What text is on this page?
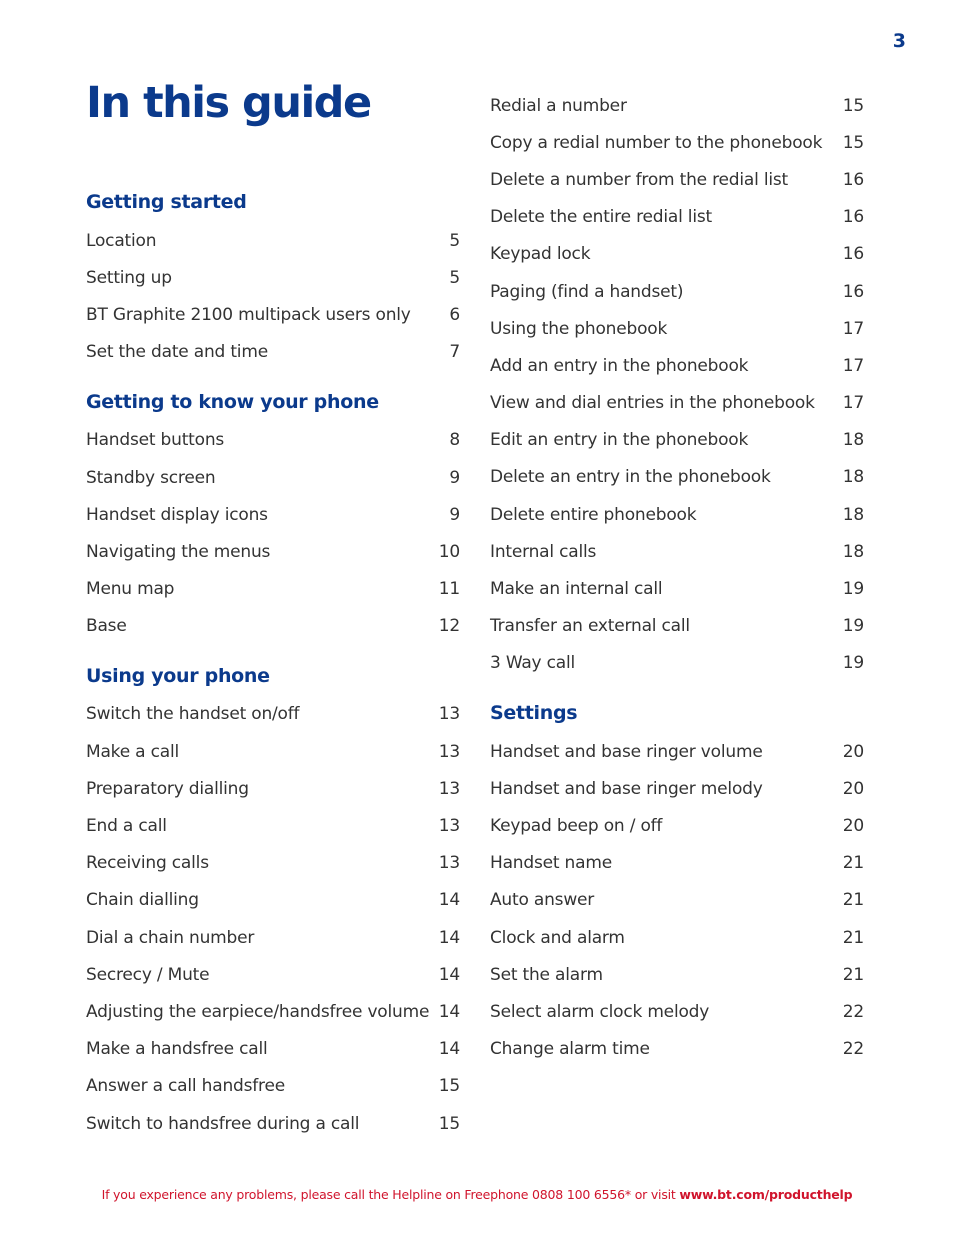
3
In this guide
Getting started
Location	5
Setting up	5
BT Graphite 2100 multipack users only	6
Set the date and time	7
Getting to know your phone
Handset buttons	8
Standby screen	9
Handset display icons	9
Navigating the menus	10
Menu map	11
Base	12
Using your phone
Switch the handset on/off	13
Make a call	13
Preparatory dialling	13
End a call	13
Receiving calls	13
Chain dialling	14
Dial a chain number	14
Secrecy / Mute	14
Adjusting the earpiece/handsfree volume 14
Make a handsfree call	14
Answer a call handsfree	15
Switch to handsfree during a call	15
Redial a number	15
Copy a redial number to the phonebook	15
Delete a number from the redial list	16
Delete the entire redial list	16
Keypad lock	16
Paging (find a handset)	16
Using the phonebook	17
Add an entry in the phonebook	17
View and dial entries in the phonebook	17
Edit an entry in the phonebook	18
Delete an entry in the phonebook	18
Delete entire phonebook	18
Internal calls	18
Make an internal call	19
Transfer an external call	19
3 Way call	19
Settings
Handset and base ringer volume	20
Handset and base ringer melody	20
Keypad beep on / off	20
Handset name	21
Auto answer	21
Clock and alarm	21
Set the alarm	21
Select alarm clock melody	22
Change alarm time	22
If you experience any problems, please call the Helpline on Freephone 0808 100 6556* or visit www.bt.com/producthelp
